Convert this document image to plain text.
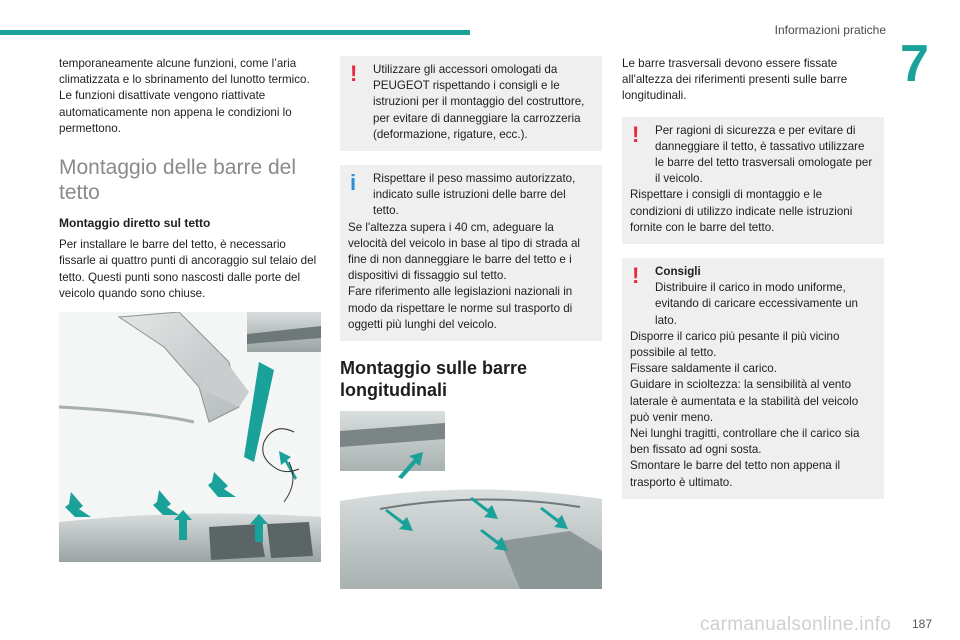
Informazioni pratiche
7

temporaneamente alcune funzioni, come l’aria climatizzata e lo sbrinamento del lunotto termico. Le funzioni disattivate vengono riattivate automaticamente non appena le condizioni lo permettono.

Montaggio delle barre del tetto
Montaggio diretto sul tetto

Per installare le barre del tetto, è necessario fissarle ai quattro punti di ancoraggio sul telaio del tetto. Questi punti sono nascosti dalle porte del veicolo quando sono chiuse.

!	Utilizzare gli accessori omologati da PEUGEOT rispettando i consigli e le istruzioni per il montaggio del costruttore, per evitare di danneggiare la carrozzeria (deformazione, rigature, ecc.).
i	Rispettare il peso massimo autorizzato, indicato sulle istruzioni delle barre del tetto.
Se l'altezza supera i 40 cm, adeguare la velocità del veicolo in base al tipo di strada al fine di non danneggiare le barre del tetto e i dispositivi di fissaggio sul tetto.
Fare riferimento alle legislazioni nazionali in modo da rispettare le norme sul trasporto di oggetti più lunghi del veicolo.
Montaggio sulle barre longitudinali

Le barre trasversali devono essere fissate all'altezza dei riferimenti presenti sulle barre longitudinali.

!	Per ragioni di sicurezza e per evitare di danneggiare il tetto, è tassativo utilizzare le barre del tetto trasversali omologate per il veicolo.
Rispettare i consigli di montaggio e le condizioni di utilizzo indicate nelle istruzioni fornite con le barre del tetto.
!	Consigli
Distribuire il carico in modo uniforme, evitando di caricare eccessivamente un lato.
Disporre il carico più pesante il più vicino possibile al tetto.
Fissare saldamente il carico.
Guidare in scioltezza: la sensibilità al vento laterale è aumentata e la stabilità del veicolo può venir meno.
Nei lunghi tragitti, controllare che il carico sia ben fissato ad ogni sosta.
Smontare le barre del tetto non appena il trasporto è ultimato.
carmanualsonline.info 187
